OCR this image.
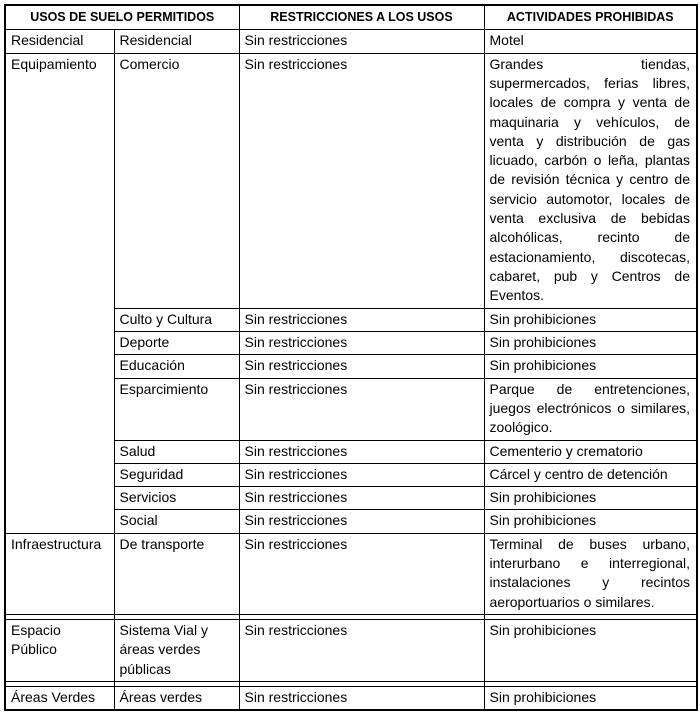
USOS DE SUELO PERMITIDOS		RESTRICCIONES A LOS USOS	ACTIVIDADES PROHIBIDAS
Residencial	Residencial	Sin restricciones	Motel
Equipamiento	Comercio	Sin restricciones	Grandes tiendas, supermercados, ferias libres, locales de compra y venta de maquinaria y vehículos, de venta y distribución de gas licuado, carbón o leña, plantas de revisión técnica y centro de servicio automotor, locales de venta exclusiva de bebidas alcohólicas, recinto de estacionamiento, discotecas, cabaret, pub y Centros de Eventos.
	Culto y Cultura	Sin restricciones	Sin prohibiciones
	Deporte	Sin restricciones	Sin prohibiciones
	Educación	Sin restricciones	Sin prohibiciones
	Esparcimiento	Sin restricciones	Parque de entretenciones, juegos electrónicos o similares, zoológico.
	Salud	Sin restricciones	Cementerio y crematorio
	Seguridad	Sin restricciones	Cárcel y centro de detención
	Servicios	Sin restricciones	Sin prohibiciones
	Social	Sin restricciones	Sin prohibiciones
Infraestructura	De transporte	Sin restricciones	Terminal de buses urbano, interurbano e interregional, instalaciones y recintos aeroportuarios o similares.

Espacio Público	Sistema Vial y áreas verdes públicas	Sin restricciones	Sin prohibiciones

Áreas Verdes	Áreas verdes	Sin restricciones	Sin prohibiciones
